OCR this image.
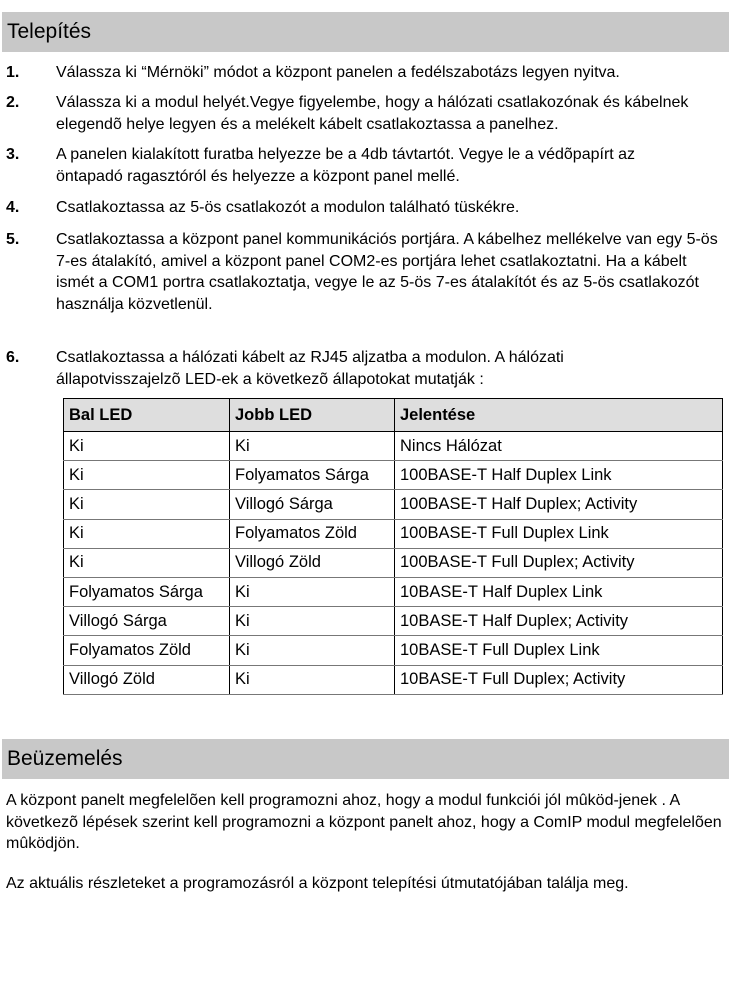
Telepítés
1. Válassza ki “Mérnöki” módot a központ panelen a fedélszabotázs legyen nyitva.
2. Válassza ki a modul helyét.Vegye figyelembe, hogy a hálózati csatlakozónak és kábelnek elegendõ helye legyen és a melékelt kábelt csatlakoztassa a panelhez.
3. A panelen kialakított furatba helyezze be a 4db távtartót. Vegye le a védõpapírt az öntapadó ragasztóról és helyezze a központ panel mellé.
4. Csatlakoztassa az 5-ös csatlakozót a modulon található tüskékre.
5. Csatlakoztassa a központ panel kommunikációs portjára. A kábelhez mellékelve van egy 5-ös 7-es átalakító, amivel a központ panel COM2-es portjára lehet csatlakoztatni. Ha a kábelt ismét a COM1 portra csatlakoztatja, vegye le az 5-ös 7-es átalakítót és az 5-ös csatlakozót használja közvetlenül.
6. Csatlakoztassa a hálózati kábelt az RJ45 aljzatba a modulon. A hálózati állapotvisszajelzõ LED-ek a következõ állapotokat mutatják :
Bal LED	Jobb LED	Jelentése
Ki	Ki	Nincs Hálózat
Ki	Folyamatos Sárga	100BASE-T Half Duplex Link
Ki	Villogó Sárga	100BASE-T Half Duplex; Activity
Ki	Folyamatos Zöld	100BASE-T Full Duplex Link
Ki	Villogó Zöld	100BASE-T Full Duplex; Activity
Folyamatos Sárga	Ki	10BASE-T Half Duplex Link
Villogó Sárga	Ki	10BASE-T Half Duplex; Activity
Folyamatos Zöld	Ki	10BASE-T Full Duplex Link
Villogó Zöld	Ki	10BASE-T Full Duplex; Activity
Beüzemelés
A központ panelt megfelelõen kell programozni ahoz, hogy a modul funkciói jól mûköd-jenek . A következõ lépések szerint kell programozni a központ panelt ahoz, hogy a ComIP modul megfelelõen mûködjön.
Az aktuális részleteket a programozásról a központ telepítési útmutatójában találja meg.
